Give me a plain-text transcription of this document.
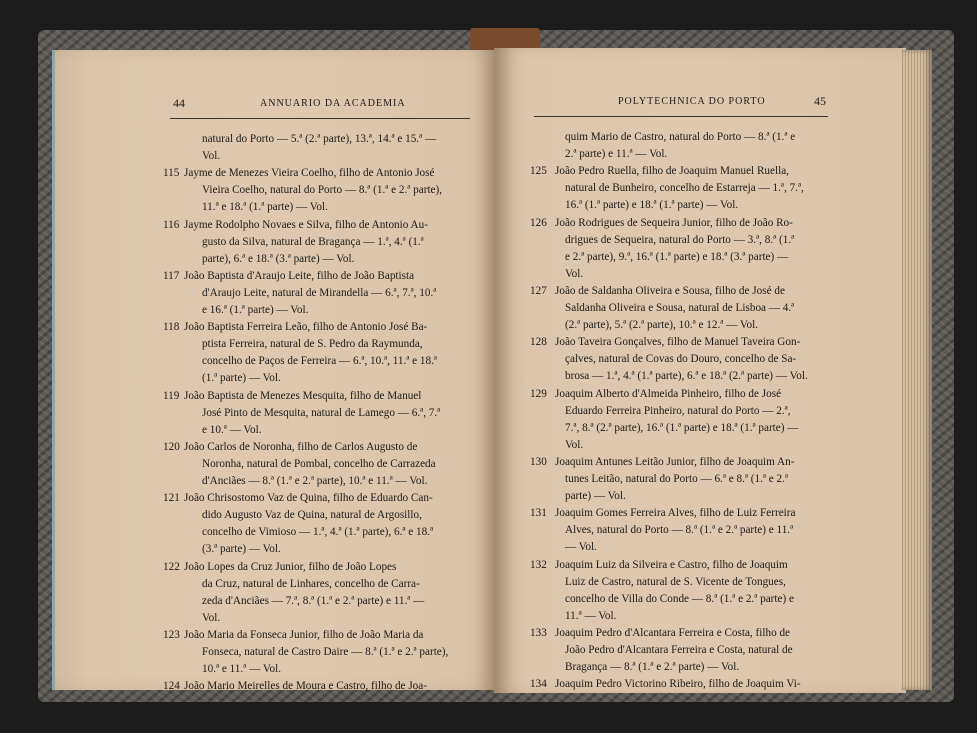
44	ANNUARIO DA ACADEMIA
natural do Porto — 5.ª (2.ª parte), 13.ª, 14.ª e 15.ª —
Vol.
115 Jayme de Menezes Vieira Coelho, filho de Antonio José
Vieira Coelho, natural do Porto — 8.ª (1.ª e 2.ª parte),
11.ª e 18.ª (1.ª parte) — Vol.
116 Jayme Rodolpho Novaes e Silva, filho de Antonio Au-
gusto da Silva, natural de Bragança — 1.ª, 4.ª (1.ª
parte), 6.ª e 18.ª (3.ª parte) — Vol.
117 João Baptista d'Araujo Leite, filho de João Baptista
d'Araujo Leite, natural de Mirandella — 6.ª, 7.ª, 10.ª
e 16.ª (1.ª parte) — Vol.
118 João Baptista Ferreira Leão, filho de Antonio José Ba-
ptista Ferreira, natural de S. Pedro da Raymunda,
concelho de Paços de Ferreira — 6.ª, 10.ª, 11.ª e 18.ª
(1.ª parte) — Vol.
119 João Baptista de Menezes Mesquita, filho de Manuel
José Pinto de Mesquita, natural de Lamego — 6.ª, 7.ª
e 10.ª — Vol.
120 João Carlos de Noronha, filho de Carlos Augusto de
Noronha, natural de Pombal, concelho de Carrazeda
d'Anciães — 8.ª (1.ª e 2.ª parte), 10.ª e 11.ª — Vol.
121 João Chrisostomo Vaz de Quina, filho de Eduardo Can-
dido Augusto Vaz de Quina, natural de Argosillo,
concelho de Vimioso — 1.ª, 4.ª (1.ª parte), 6.ª e 18.ª
(3.ª parte) — Vol.
122 João Lopes da Cruz Junior, filho de João Lopes
da Cruz, natural de Linhares, concelho de Carra-
zeda d'Anciães — 7.ª, 8.ª (1.ª e 2.ª parte) e 11.ª —
Vol.
123 João Maria da Fonseca Junior, filho de João Maria da
Fonseca, natural de Castro Daire — 8.ª (1.ª e 2.ª parte),
10.ª e 11.ª — Vol.
124 João Mario Meirelles de Moura e Castro, filho de Joa-
POLYTECHNICA DO PORTO	45
quim Mario de Castro, natural do Porto — 8.ª (1.ª e
2.ª parte) e 11.ª — Vol.
125 João Pedro Ruella, filho de Joaquim Manuel Ruella,
natural de Bunheiro, concelho de Estarreja — 1.ª, 7.ª,
16.ª (1.ª parte) e 18.ª (1.ª parte) — Vol.
126 João Rodrigues de Sequeira Junior, filho de João Ro-
drigues de Sequeira, natural do Porto — 3.ª, 8.ª (1.ª
e 2.ª parte), 9.ª, 16.ª (1.ª parte) e 18.ª (3.ª parte) —
Vol.
127 João de Saldanha Oliveira e Sousa, filho de José de
Saldanha Oliveira e Sousa, natural de Lisboa — 4.ª
(2.ª parte), 5.ª (2.ª parte), 10.ª e 12.ª — Vol.
128 João Taveira Gonçalves, filho de Manuel Taveira Gon-
çalves, natural de Covas do Douro, concelho de Sa-
brosa — 1.ª, 4.ª (1.ª parte), 6.ª e 18.ª (2.ª parte) — Vol.
129 Joaquim Alberto d'Almeida Pinheiro, filho de José
Eduardo Ferreira Pinheiro, natural do Porto — 2.ª,
7.ª, 8.ª (2.ª parte), 16.ª (1.ª parte) e 18.ª (1.ª parte) —
Vol.
130 Joaquim Antunes Leitão Junior, filho de Joaquim An-
tunes Leitão, natural do Porto — 6.ª e 8.ª (1.ª e 2.ª
parte) — Vol.
131 Joaquim Gomes Ferreira Alves, filho de Luiz Ferreira
Alves, natural do Porto — 8.ª (1.ª e 2.ª parte) e 11.ª
— Vol.
132 Joaquim Luiz da Silveira e Castro, filho de Joaquim
Luiz de Castro, natural de S. Vicente de Tongues,
concelho de Villa do Conde — 8.ª (1.ª e 2.ª parte) e
11.ª — Vol.
133 Joaquim Pedro d'Alcantara Ferreira e Costa, filho de
João Pedro d'Alcantara Ferreira e Costa, natural de
Bragança — 8.ª (1.ª e 2.ª parte) — Vol.
134 Joaquim Pedro Victorino Ribeiro, filho de Joaquim Vi-
